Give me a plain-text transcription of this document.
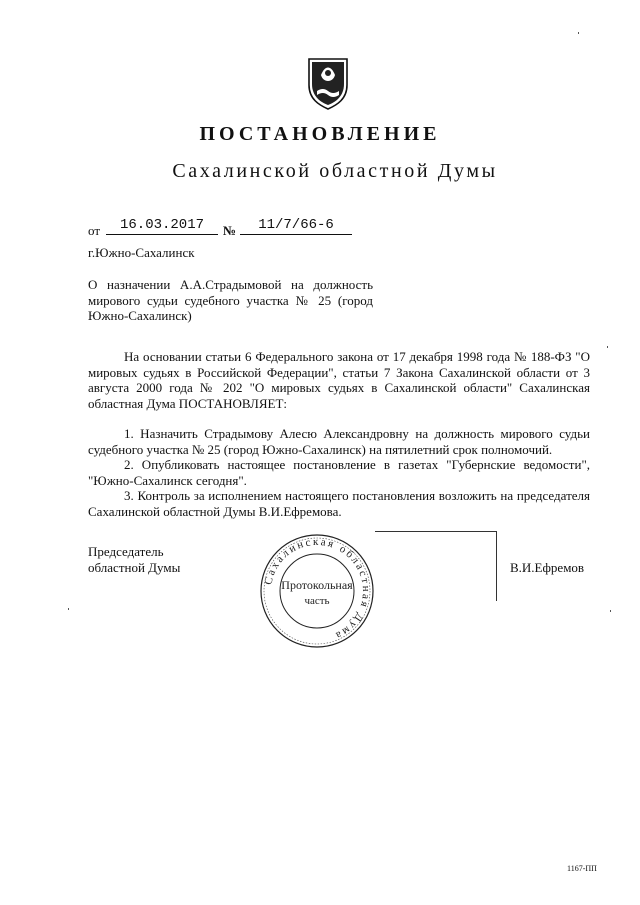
ПОСТАНОВЛЕНИЕ
Сахалинской областной Думы
от	16.03.2017	№	11/7/66-6
г.Южно-Сахалинск
О назначении А.А.Страдымовой на должность мирового судьи судебного участка № 25 (город Южно-Сахалинск)

На основании статьи 6 Федерального закона от 17 декабря 1998 года № 188-ФЗ "О мировых судьях в Российской Федерации", статьи 7 Закона Сахалинской области от 3 августа 2000 года № 202 "О мировых судьях в Сахалинской области" Сахалинская областная Дума ПОСТАНОВЛЯЕТ:

1. Назначить Страдымову Алесю Александровну на должность мирового судьи судебного участка № 25 (город Южно-Сахалинск) на пятилетний срок полномочий.

2. Опубликовать настоящее постановление в газетах "Губернские ведомости", "Южно-Сахалинск сегодня".

3. Контроль за исполнением настоящего постановления возложить на председателя Сахалинской областной Думы В.И.Ефремова.

Председатель
областной Думы
Сахалинская областная Дума
Протокольная
часть
В.И.Ефремов
1167-ПП
